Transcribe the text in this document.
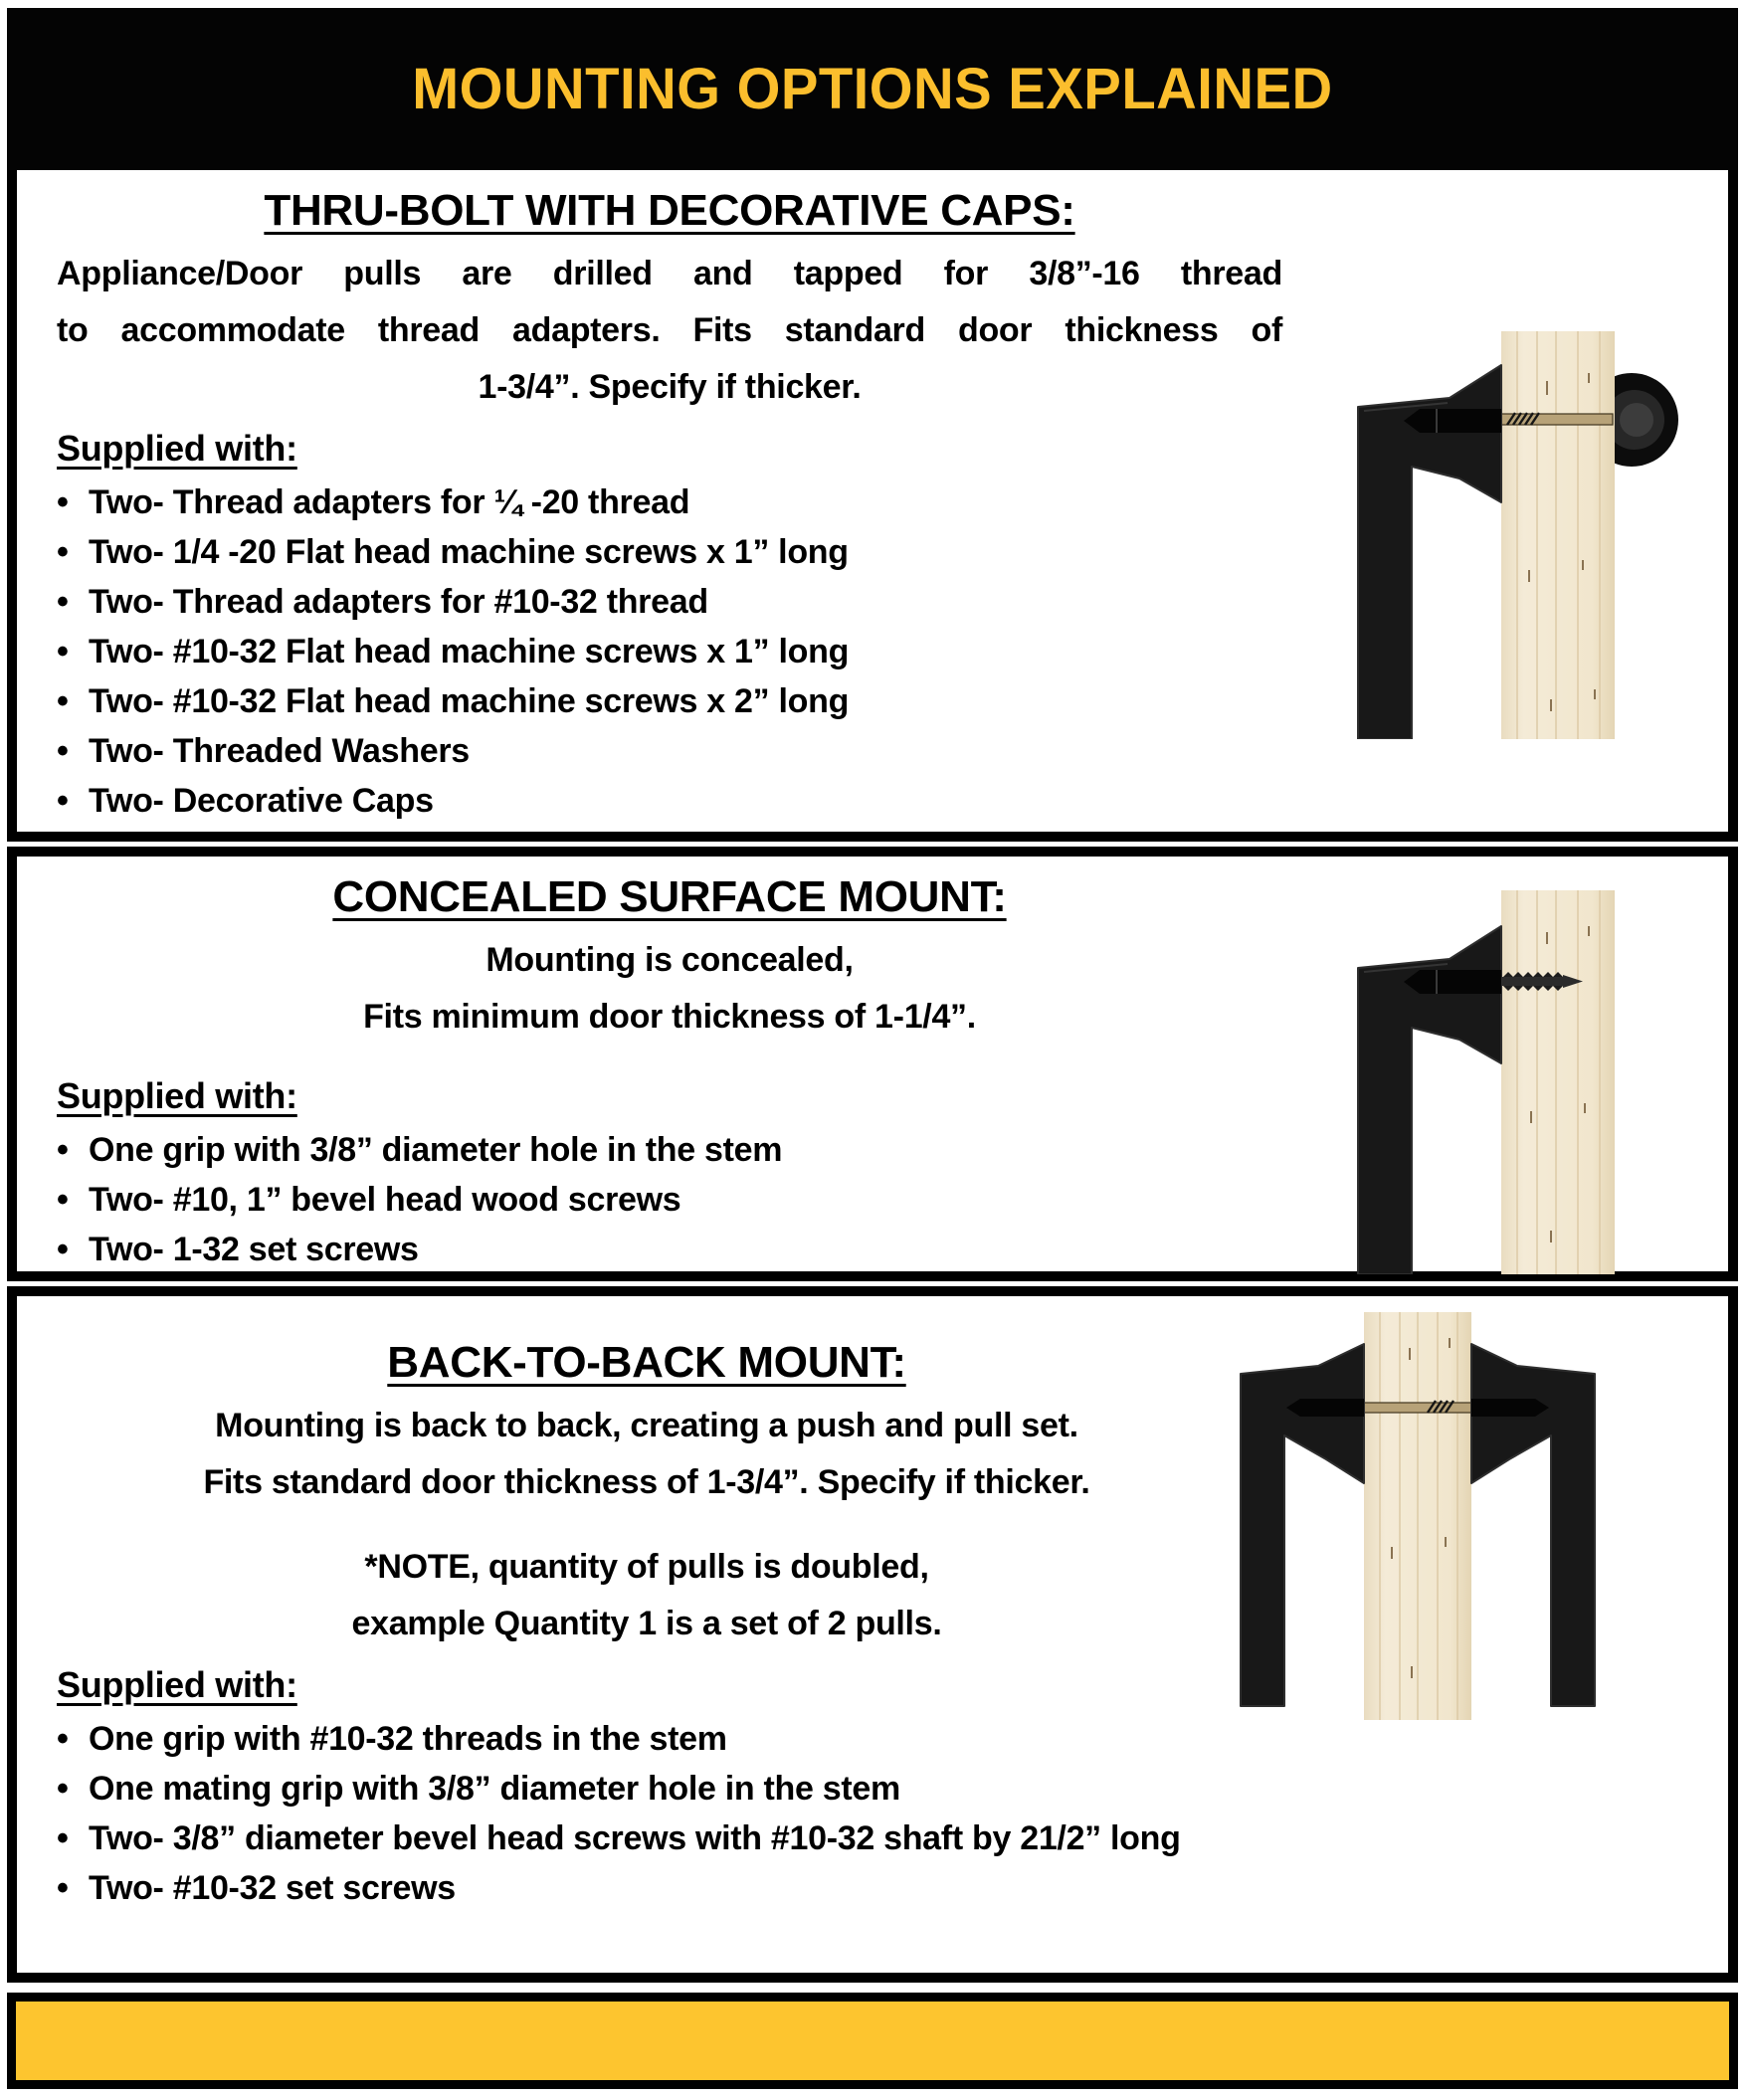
MOUNTING OPTIONS EXPLAINED
THRU-BOLT WITH DECORATIVE CAPS:
Appliance/Door pulls are drilled and tapped for 3/8”-16 thread
to accommodate thread adapters. Fits standard door thickness of
1-3/4”. Specify if thicker.
Supplied with:
• Two- Thread adapters for ¼ -20 thread
• Two- 1/4 -20 Flat head machine screws x 1” long
• Two- Thread adapters for #10-32 thread
• Two- #10-32 Flat head machine screws x 1” long
• Two- #10-32 Flat head machine screws x 2” long
• Two- Threaded Washers
• Two- Decorative Caps
CONCEALED SURFACE MOUNT:
Mounting is concealed,
Fits minimum door thickness of 1-1/4”.

Supplied with:
• One grip with 3/8” diameter hole in the stem
• Two- #10, 1” bevel head wood screws
• Two- 1-32 set screws
BACK-TO-BACK MOUNT:
Mounting is back to back, creating a push and pull set.
Fits standard door thickness of 1-3/4”. Specify if thicker.
*NOTE, quantity of pulls is doubled,
example Quantity 1 is a set of 2 pulls.
Supplied with:
• One grip with #10-32 threads in the stem
• One mating grip with 3/8” diameter hole in the stem
• Two- 3/8” diameter bevel head screws with #10-32 shaft by 21/2” long
• Two- #10-32 set screws
